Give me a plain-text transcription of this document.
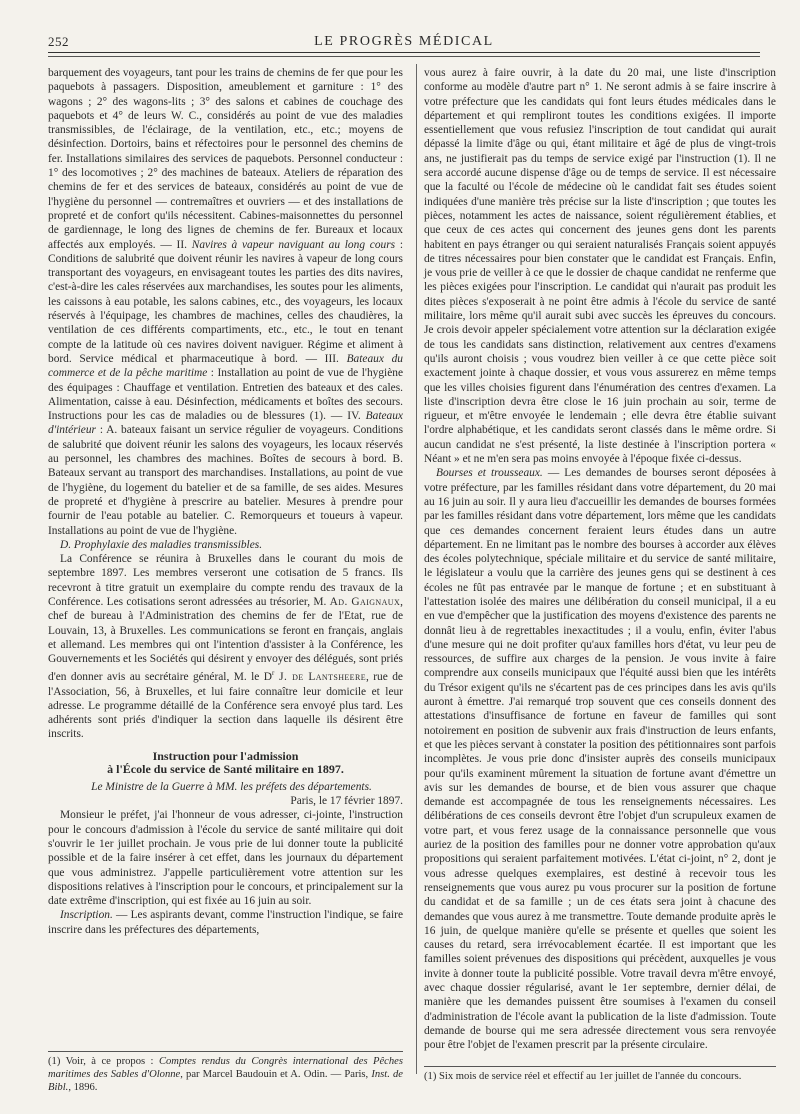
252	LE PROGRÈS MÉDICAL

barquement des voyageurs, tant pour les trains de chemins de fer que pour les paquebots à passagers. Disposition, ameublement et garniture : 1° des wagons ; 2° des wagons-lits ; 3° des salons et cabines de couchage des paquebots et 4° de leurs W. C., considérés au point de vue des maladies transmissibles, de l'éclairage, de la ventilation, etc., etc.; moyens de désinfection. Dortoirs, bains et réfectoires pour le personnel des chemins de fer. Installations similaires des services de paquebots. Personnel conducteur : 1° des locomotives ; 2° des machines de bateaux. Ateliers de réparation des chemins de fer et des services de bateaux, considérés au point de vue de l'hygiène du personnel — contremaîtres et ouvriers — et des installations de propreté et de confort qu'ils nécessitent. Cabines-maisonnettes du personnel de gardiennage, le long des lignes de chemins de fer. Bureaux et locaux affectés aux employés. — II. Navires à vapeur naviguant au long cours : Conditions de salubrité que doivent réunir les navires à vapeur de long cours transportant des voyageurs, en envisageant toutes les parties des dits navires, c'est-à-dire les cales réservées aux marchandises, les soutes pour les aliments, les caissons à eau potable, les salons cabines, etc., des voyageurs, les locaux réservés à l'équipage, les chambres de machines, celles des chaudières, la ventilation de ces différents compartiments, etc., etc., le tout en tenant compte de la latitude où ces navires doivent naviguer. Régime et aliment à bord. Service médical et pharmaceutique à bord. — III. Bateaux du commerce et de la pêche maritime : Installation au point de vue de l'hygiène des équipages : Chauffage et ventilation. Entretien des bateaux et des cales. Alimentation, caisse à eau. Désinfection, médicaments et boîtes des secours. Instructions pour les cas de maladies ou de blessures (1). — IV. Bateaux d'intérieur : A. bateaux faisant un service régulier de voyageurs. Conditions de salubrité que doivent réunir les salons des voyageurs, les locaux réservés au personnel, les chambres des machines. Boîtes de secours à bord. B. Bateaux servant au transport des marchandises. Installations, au point de vue de l'hygiène, du logement du batelier et de sa famille, de ses aides. Mesures de propreté et d'hygiène à prescrire au batelier. Mesures à prendre pour fournir de l'eau potable au batelier. C. Remorqueurs et toueurs à vapeur. Installations au point de vue de l'hygiène.

D. Prophylaxie des maladies transmissibles.

La Conférence se réunira à Bruxelles dans le courant du mois de septembre 1897. Les membres verseront une cotisation de 5 francs. Ils recevront à titre gratuit un exemplaire du compte rendu des travaux de la Conférence. Les cotisations seront adressées au trésorier, M. Ad. Gaignaux, chef de bureau à l'Administration des chemins de fer de l'Etat, rue de Louvain, 13, à Bruxelles. Les communications se feront en français, anglais et allemand. Les membres qui ont l'intention d'assister à la Conférence, les Gouvernements et les Sociétés qui désirent y envoyer des délégués, sont priés d'en donner avis au secrétaire général, M. le $D^r$ J. de Lantsheere, rue de l'Association, 56, à Bruxelles, et lui faire connaître leur domicile et leur adresse. Le programme détaillé de la Conférence sera envoyé plus tard. Les adhérents sont priés d'indiquer la section dans laquelle ils désirent être inscrits.

Instruction pour l'admission
à l'École du service de Santé militaire en 1897.

Le Ministre de la Guerre à MM. les préfets des départements.

Paris, le 17 février 1897.

Monsieur le préfet, j'ai l'honneur de vous adresser, ci-jointe, l'instruction pour le concours d'admission à l'école du service de santé militaire qui doit s'ouvrir le 1er juillet prochain. Je vous prie de lui donner toute la publicité possible et de la faire insérer à cet effet, dans les journaux du département que vous administrez. J'appelle particulièrement votre attention sur les dispositions relatives à l'inscription pour le concours, et principalement sur la date extrême d'inscription, qui est fixée au 16 juin au soir.

Inscription. — Les aspirants devant, comme l'instruction l'indique, se faire inscrire dans les préfectures des départements,

(1) Voir, à ce propos : Comptes rendus du Congrès international des Pêches maritimes des Sables d'Olonne, par Marcel Baudouin et A. Odin. — Paris, Inst. de Bibl., 1896.

vous aurez à faire ouvrir, à la date du 20 mai, une liste d'inscription conforme au modèle d'autre part n° 1. Ne seront admis à se faire inscrire à votre préfecture que les candidats qui font leurs études médicales dans le département et qui rempliront toutes les conditions exigées. Il importe essentiellement que vous refusiez l'inscription de tout candidat qui aurait dépassé la limite d'âge ou qui, étant militaire et âgé de plus de vingt-trois ans, ne justifierait pas du temps de service exigé par l'instruction (1). Il ne sera accordé aucune dispense d'âge ou de temps de service. Il est nécessaire que la faculté ou l'école de médecine où le candidat fait ses études soient indiquées d'une manière très précise sur la liste d'inscription ; que toutes les pièces, notamment les actes de naissance, soient régulièrement établies, et que ceux de ces actes qui concernent des jeunes gens dont les parents habitent en pays étranger ou qui seraient naturalisés Français soient appuyés de titres nécessaires pour bien constater que le candidat est Français. Enfin, je vous prie de veiller à ce que le dossier de chaque candidat ne renferme que les pièces exigées pour l'inscription. Le candidat qui n'aurait pas produit les dites pièces s'exposerait à ne point être admis à l'école du service de santé militaire, lors même qu'il aurait subi avec succès les épreuves du concours. Je crois devoir appeler spécialement votre attention sur la déclaration exigée de tous les candidats sans distinction, relativement aux centres d'examens qu'ils auront choisis ; vous voudrez bien veiller à ce que cette pièce soit exactement jointe à chaque dossier, et vous vous assurerez en même temps que les villes choisies figurent dans l'énumération des centres d'examen. La liste d'inscription devra être close le 16 juin prochain au soir, terme de rigueur, et m'être envoyée le lendemain ; elle devra être établie suivant l'ordre alphabétique, et les candidats seront classés dans le même ordre. Si aucun candidat ne s'est présenté, la liste destinée à l'inscription portera « Néant » et ne m'en sera pas moins envoyée à l'époque fixée ci-dessus.

Bourses et trousseaux. — Les demandes de bourses seront déposées à votre préfecture, par les familles résidant dans votre département, du 20 mai au 16 juin au soir. Il y aura lieu d'accueillir les demandes de bourses formées par les familles résidant dans votre département, lors même que les candidats que ces demandes concernent feraient leurs études dans un autre département. En ne limitant pas le nombre des bourses à accorder aux élèves des écoles polytechnique, spéciale militaire et du service de santé militaire, le législateur a voulu que la carrière des jeunes gens qui se destinent à ces écoles ne fût pas entravée par le manque de fortune ; et en substituant à l'attestation isolée des maires une délibération du conseil municipal, il a eu en vue d'empêcher que la justification des moyens d'existence des parents ne donnât lieu à de regrettables inexactitudes ; il a voulu, enfin, éviter l'abus d'une mesure qui ne doit profiter qu'aux familles hors d'état, vu leur peu de ressources, de suffire aux charges de la pension. Je vous invite à faire comprendre aux conseils municipaux que l'équité aussi bien que les intérêts du Trésor exigent qu'ils ne s'écartent pas de ces principes dans les avis qu'ils auront à émettre. J'ai remarqué trop souvent que ces conseils donnent des attestations d'insuffisance de fortune en faveur de familles qui sont notoirement en position de subvenir aux frais d'instruction de leurs enfants, et que les pièces servant à constater la position des pétitionnaires sont parfois incomplètes. Je vous prie donc d'insister auprès des conseils municipaux pour qu'ils examinent mûrement la situation de fortune avant d'émettre un avis sur les demandes de bourse, et de bien vous assurer que chaque demande est accompagnée de tous les renseignements nécessaires. Les délibérations de ces conseils devront être l'objet d'un scrupuleux examen de votre part, et vous ferez usage de la connaissance personnelle que vous auriez de la position des familles pour ne donner votre approbation qu'aux propositions qui seraient parfaitement motivées. L'état ci-joint, n° 2, dont je vous adresse quelques exemplaires, est destiné à recevoir tous les renseignements que vous aurez pu vous procurer sur la position de fortune du candidat et de sa famille ; un de ces états sera joint à chacune des demandes que vous aurez à me transmettre. Toute demande produite après le 16 juin, de quelque manière qu'elle se présente et quelles que soient les causes du retard, sera irrévocablement écartée. Il est important que les familles soient prévenues des dispositions qui précèdent, auxquelles je vous invite à donner toute la publicité possible. Votre travail devra m'être envoyé, avec chaque dossier régularisé, avant le 1er septembre, dernier délai, de manière que les demandes puissent être soumises à l'examen du conseil d'administration de l'école avant la publication de la liste d'admission. Toute demande de bourse qui me sera adressée directement vous sera renvoyée pour être l'objet de l'examen prescrit par la présente circulaire.

(1) Six mois de service réel et effectif au 1er juillet de l'année du concours.
